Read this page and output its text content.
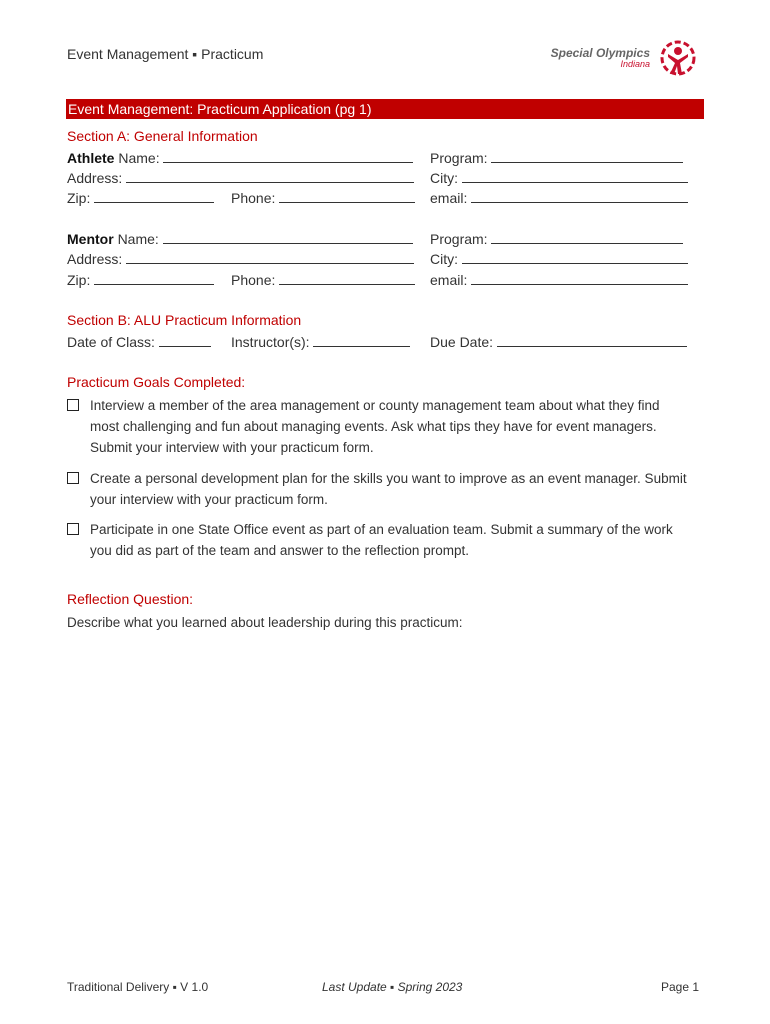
Event Management ▪ Practicum	Special Olympics
Indiana
Event Management: Practicum Application (pg 1)
Section A: General Information
Athlete Name:	Program:
Address:	City:
Zip:	Phone:	email:
Mentor Name:	Program:
Address:	City:
Zip:	Phone:	email:
Section B: ALU Practicum Information
Date of Class:	Instructor(s):	Due Date:
Practicum Goals Completed:
Interview a member of the area management or county management team about what they find
most challenging and fun about managing events. Ask what tips they have for event managers.
Submit your interview with your practicum form.
Create a personal development plan for the skills you want to improve as an event manager. Submit
your interview with your practicum form.
Participate in one State Office event as part of an evaluation team. Submit a summary of the work
you did as part of the team and answer to the reflection prompt.
Reflection Question:
Describe what you learned about leadership during this practicum:
Traditional Delivery ▪ V 1.0	Last Update ▪ Spring 2023	Page 1
